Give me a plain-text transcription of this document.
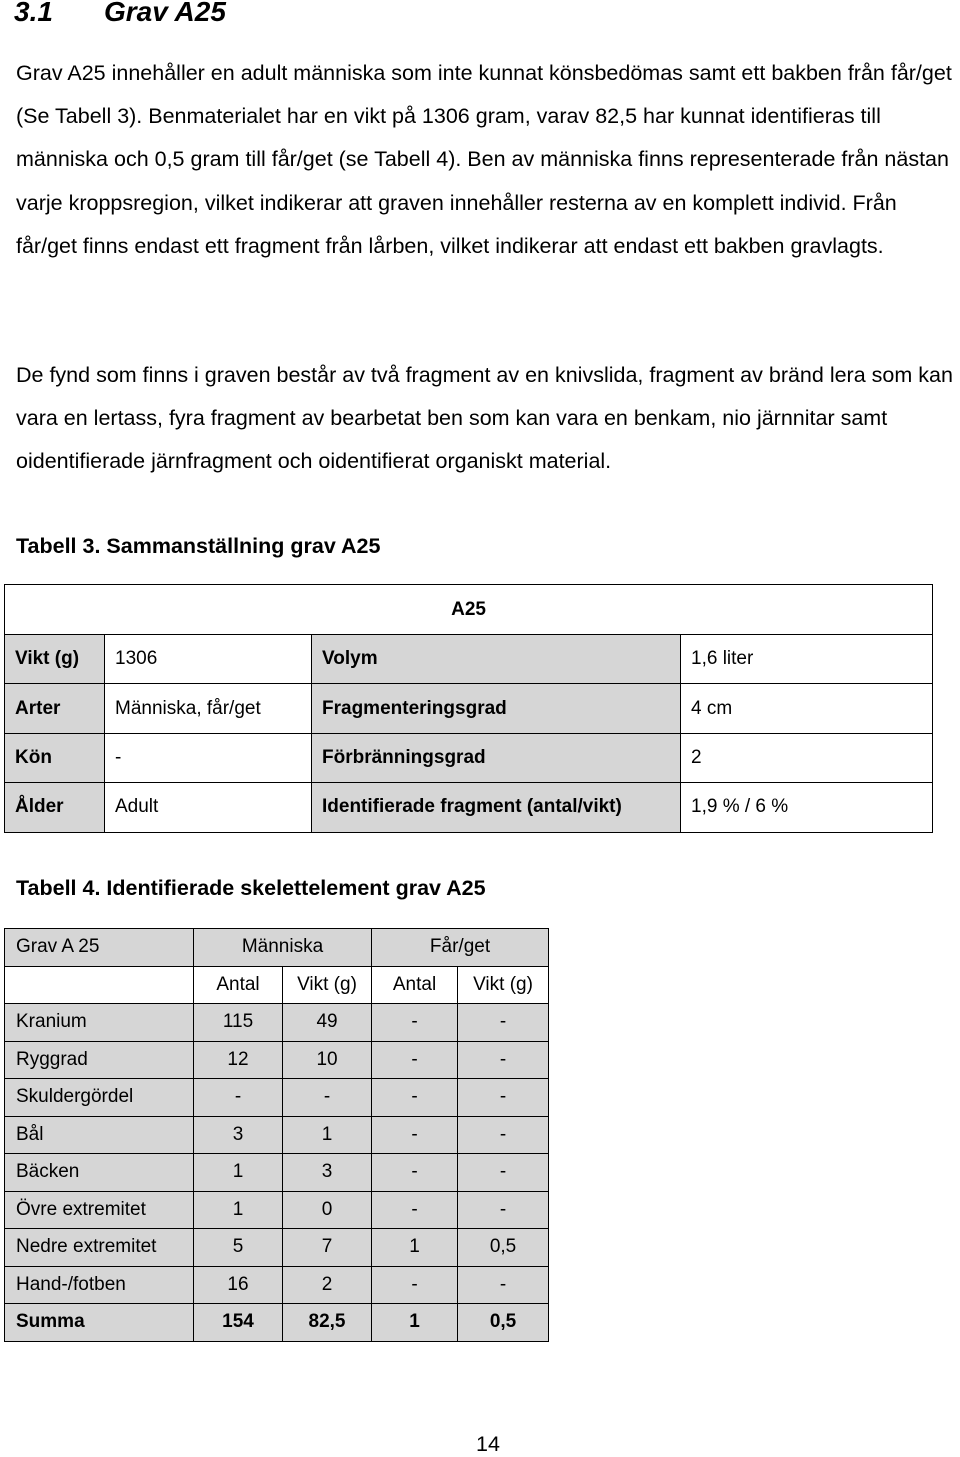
3.1 Grav A25

Grav A25 innehåller en adult människa som inte kunnat könsbedömas samt ett bakben från får/get (Se Tabell 3). Benmaterialet har en vikt på 1306 gram, varav 82,5 har kunnat identifieras till människa och 0,5 gram till får/get (se Tabell 4). Ben av människa finns representerade från nästan varje kroppsregion, vilket indikerar att graven innehåller resterna av en komplett individ. Från får/get finns endast ett fragment från lårben, vilket indikerar att endast ett bakben gravlagts.

De fynd som finns i graven består av två fragment av en knivslida, fragment av bränd lera som kan vara en lertass, fyra fragment av bearbetat ben som kan vara en benkam, nio järnnitar samt oidentifierade järnfragment och oidentifierat organiskt material.

Tabell 3. Sammanställning grav A25

A25			
Vikt (g)	1306	Volym	1,6 liter
Arter	Människa, får/get	Fragmenteringsgrad	4 cm
Kön	-	Förbränningsgrad	2
Ålder	Adult	Identifierade fragment (antal/vikt)	1,9 % / 6 %

Tabell 4. Identifierade skelettelement grav A25

Grav A 25	Människa		Får/get	
	Antal	Vikt (g)	Antal	Vikt (g)
Kranium	115	49	-	-
Ryggrad	12	10	-	-
Skuldergördel	-	-	-	-
Bål	3	1	-	-
Bäcken	1	3	-	-
Övre extremitet	1	0	-	-
Nedre extremitet	5	7	1	0,5
Hand-/fotben	16	2	-	-
Summa	154	82,5	1	0,5

14
